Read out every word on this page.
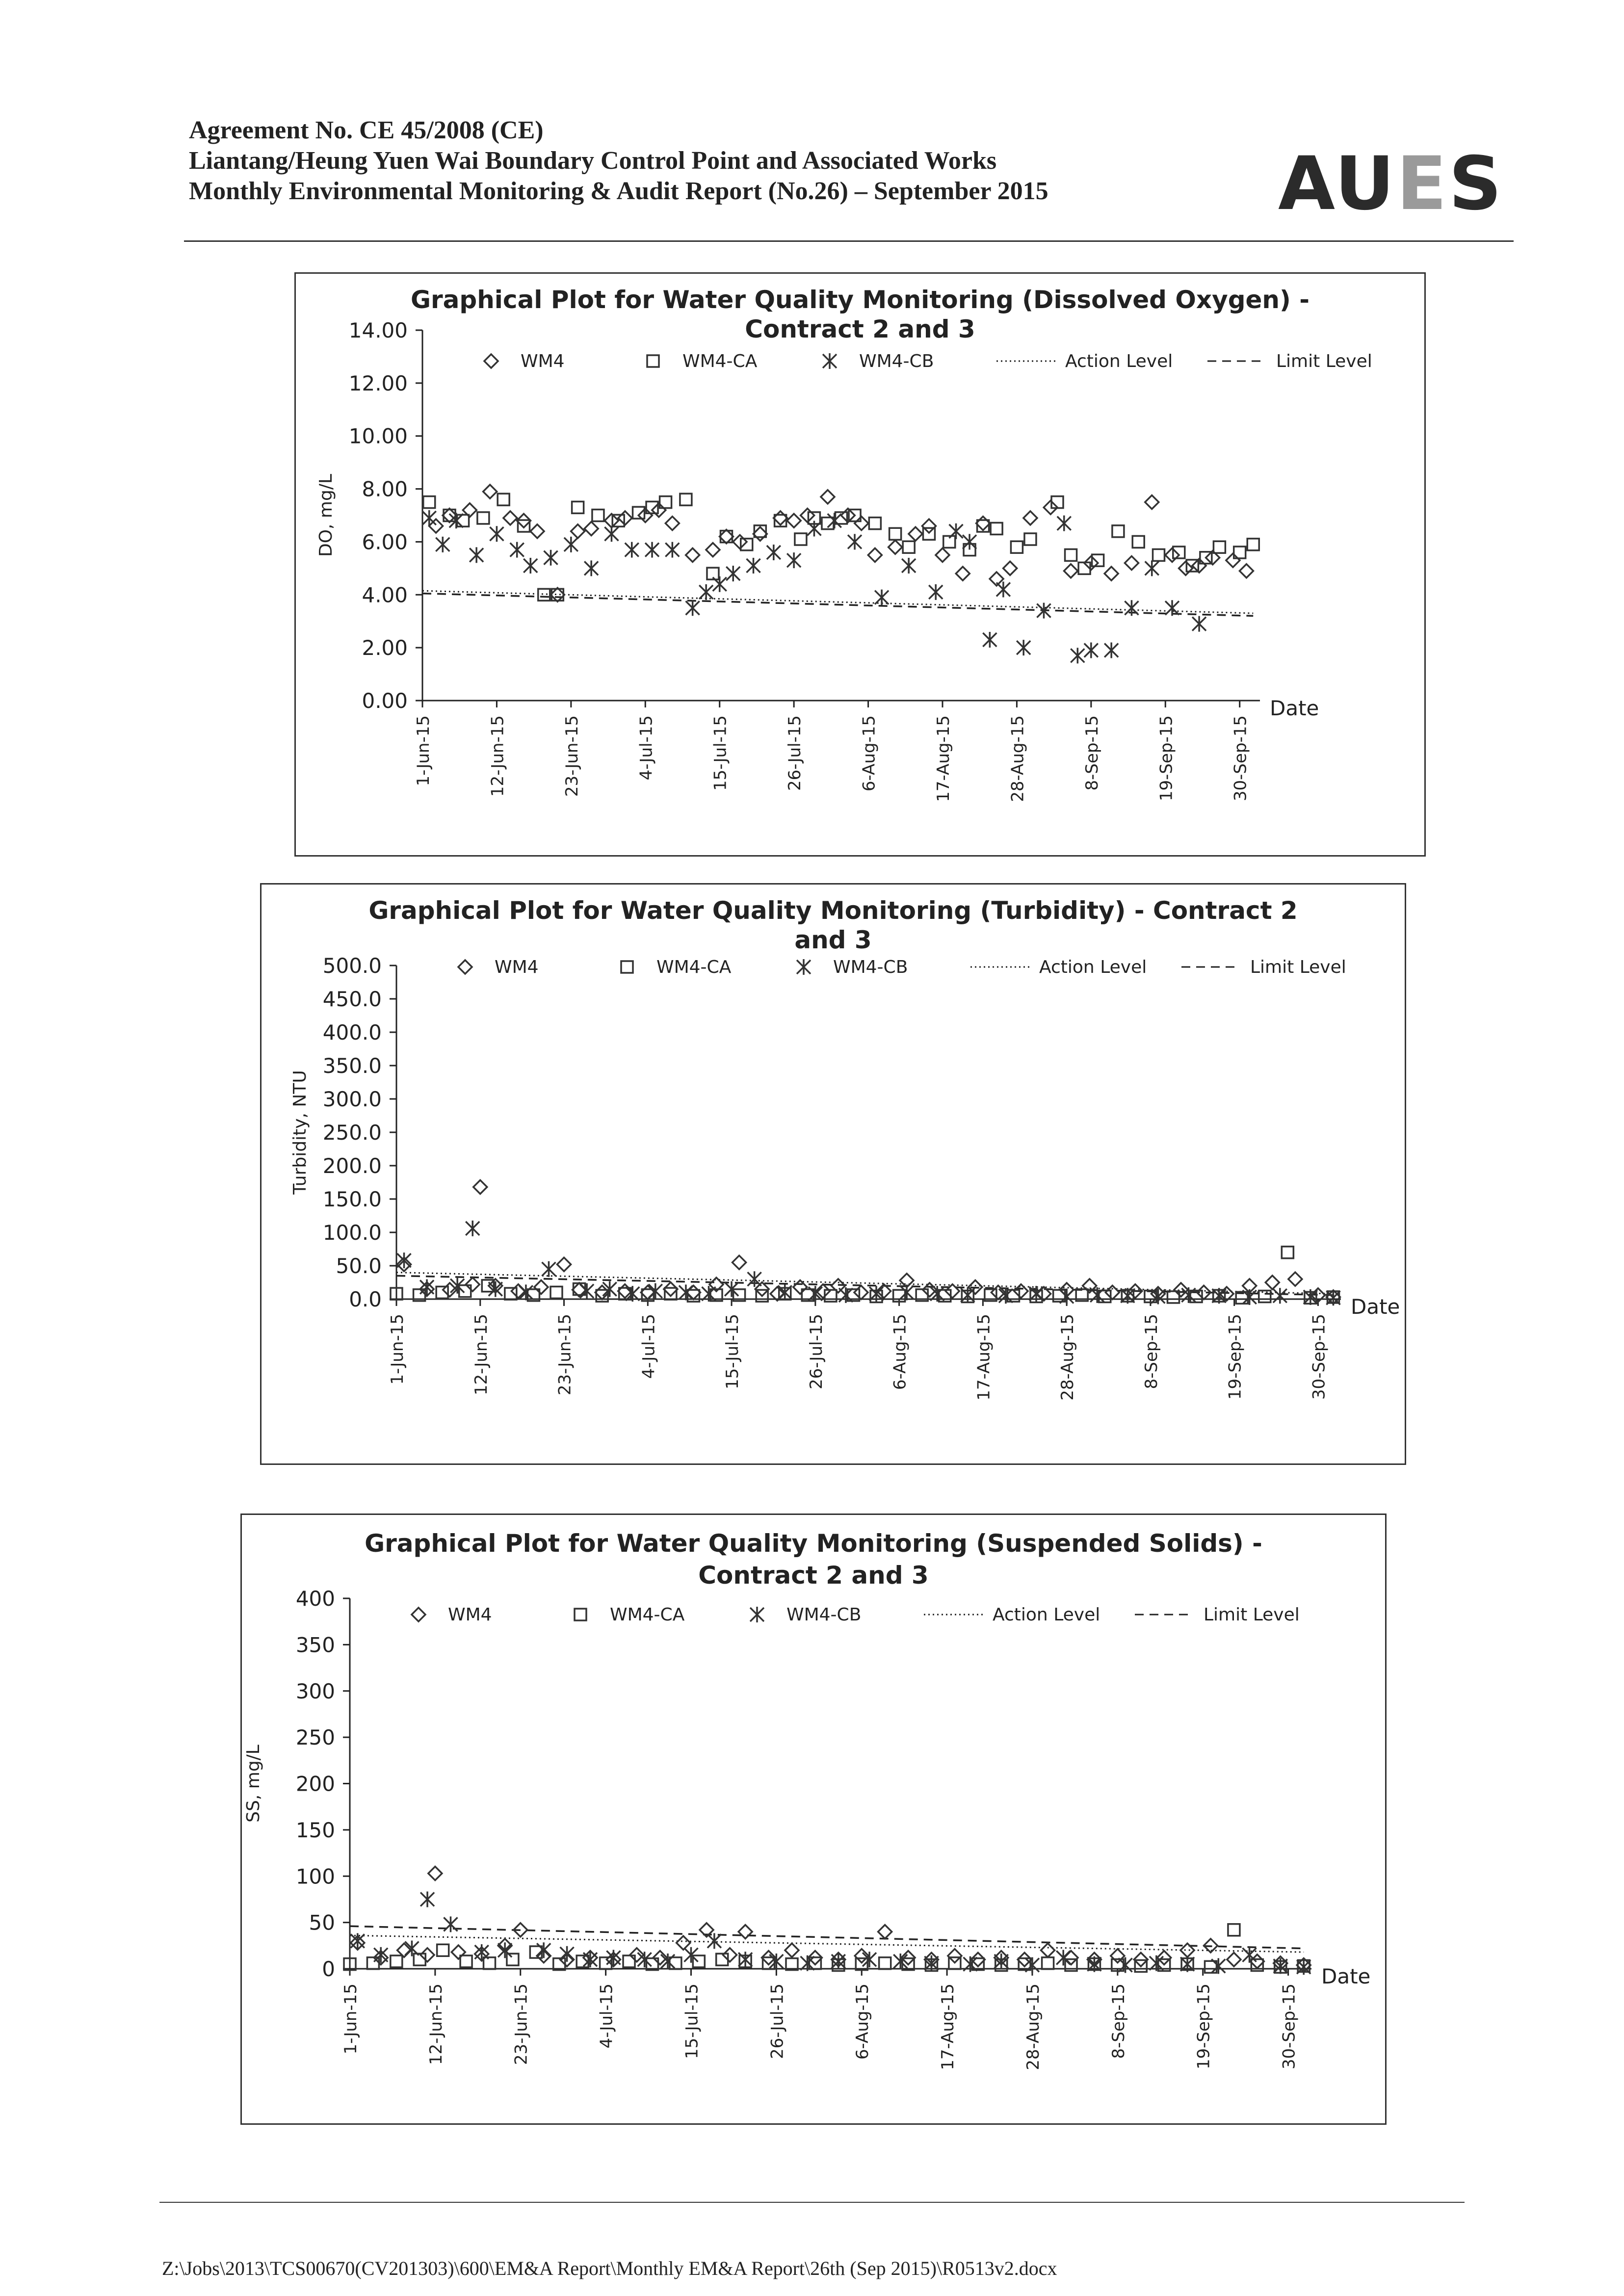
Agreement No. CE 45/2008 (CE)
Liantang/Heung Yuen Wai Boundary Control Point and Associated Works
Monthly Environmental Monitoring & Audit Report (No.26) – September 2015	AUES
Graphical Plot for Water Quality Monitoring (Dissolved Oxygen) -
Contract 2 and 3
0.00
2.00
4.00
6.00
8.00
10.00
12.00
14.00
DO, mg/L
1-Jun-15	12-Jun-15	23-Jun-15	4-Jul-15	15-Jul-15	26-Jul-15	6-Aug-15	17-Aug-15	28-Aug-15	8-Sep-15	19-Sep-15	30-Sep-15
Date
WM4	WM4-CA	WM4-CB	Action Level	Limit Level
Graphical Plot for Water Quality Monitoring (Turbidity) - Contract 2
and 3
0.0
50.0
100.0
150.0
200.0
250.0
300.0
350.0
400.0
450.0
500.0
Turbidity, NTU
1-Jun-15	12-Jun-15	23-Jun-15	4-Jul-15	15-Jul-15	26-Jul-15	6-Aug-15	17-Aug-15	28-Aug-15	8-Sep-15	19-Sep-15	30-Sep-15
Date
WM4	WM4-CA	WM4-CB	Action Level	Limit Level
Graphical Plot for Water Quality Monitoring (Suspended Solids) -
Contract 2 and 3
0
50
100
150
200
250
300
350
400
SS, mg/L
1-Jun-15	12-Jun-15	23-Jun-15	4-Jul-15	15-Jul-15	26-Jul-15	6-Aug-15	17-Aug-15	28-Aug-15	8-Sep-15	19-Sep-15	30-Sep-15
Date
WM4	WM4-CA	WM4-CB	Action Level	Limit Level
Z:\Jobs\2013\TCS00670(CV201303)\600\EM&A Report\Monthly EM&A Report\26th (Sep 2015)\R0513v2.docx
